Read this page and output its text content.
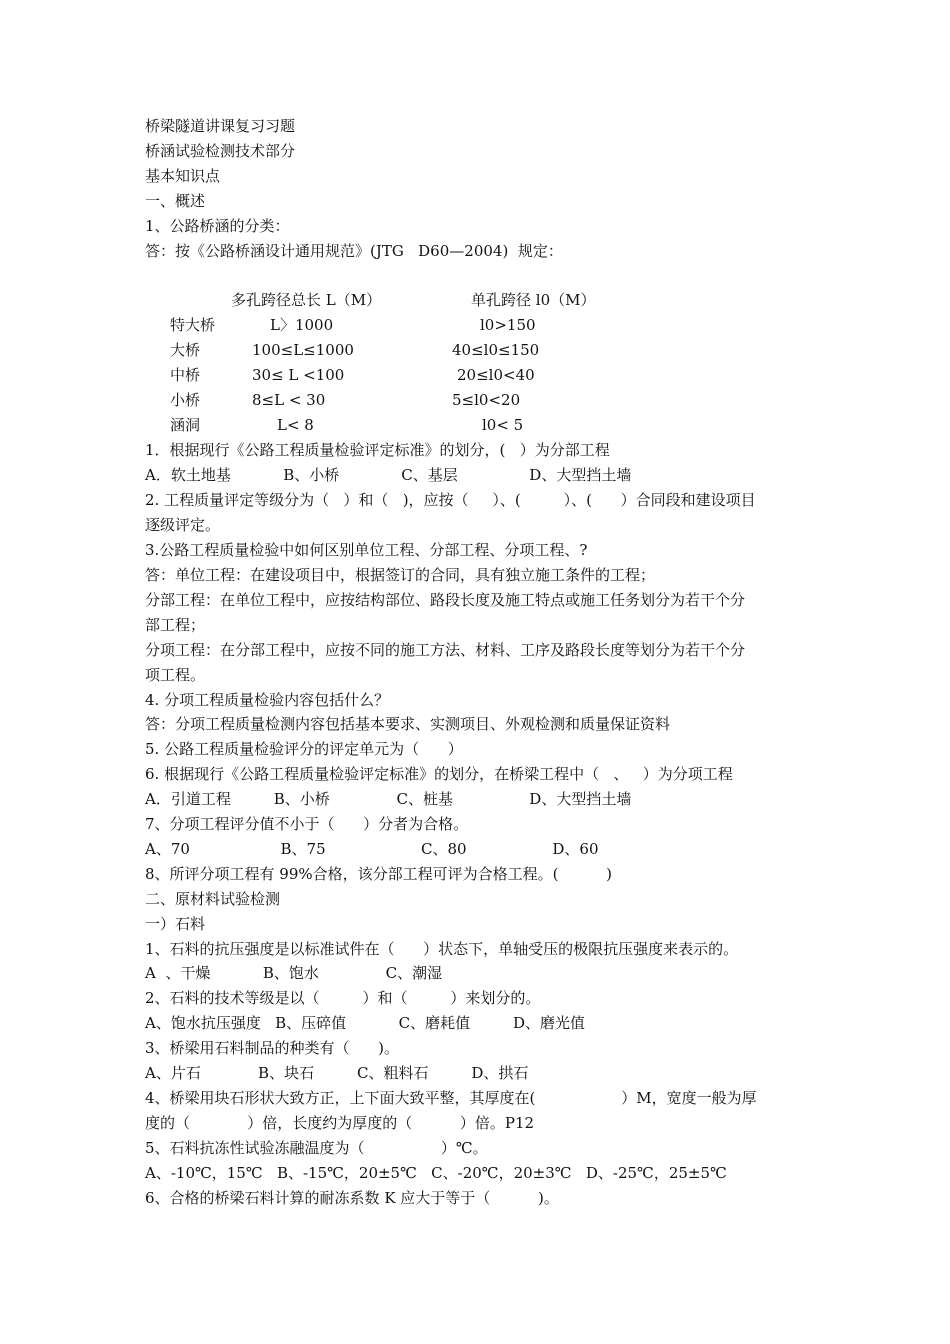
桥梁隧道讲课复习习题

桥涵试验检测技术部分

基本知识点

一、概述

1、公路桥涵的分类：

答：按《公路桥涵设计通用规范》(JTG   D60—2004)  规定：

多孔跨径总长 L（M）	单孔跨径 l0（M）
特大桥	L〉1000	l0>150
大桥	100≤L≤1000	40≤l0≤150
中桥	30≤ L <100	20≤l0<40
小桥	8≤L < 30	5≤l0<20
涵洞	L< 8	l0< 5

1．根据现行《公路工程质量检验评定标准》的划分，(   ）为分部工程

A．软土地基           B、小桥             C、基层               D、大型挡土墙

2. 工程质量评定等级分为（   ）和（   )，应按（     ）、(         ）、(      ）合同段和建设项目

逐级评定。

3.公路工程质量检验中如何区别单位工程、分部工程、分项工程、?

答：单位工程：在建设项目中，根据签订的合同，具有独立施工条件的工程；

分部工程：在单位工程中，应按结构部位、路段长度及施工特点或施工任务划分为若干个分

部工程；

分项工程：在分部工程中，应按不同的施工方法、材料、工序及路段长度等划分为若干个分

项工程。

4. 分项工程质量检验内容包括什么？

答：分项工程质量检测内容包括基本要求、实测项目、外观检测和质量保证资料

5. 公路工程质量检验评分的评定单元为（      ）

6. 根据现行《公路工程质量检验评定标准》的划分，在桥梁工程中（   、   ）为分项工程

A．引道工程         B、小桥              C、桩基                D、大型挡土墙

7、分项工程评分值不小于（      ）分者为合格。

A、70                   B、75                    C、80                  D、60

8、所评分项工程有 99%合格，该分部工程可评为合格工程。(          )

二、原材料试验检测

一）石料

1、石料的抗压强度是以标准试件在（      ）状态下，单轴受压的极限抗压强度来表示的。

A  、干燥           B、饱水              C、潮湿

2、石料的技术等级是以（         ）和（         ）来划分的。

A、饱水抗压强度   B、压碎值           C、磨耗值         D、磨光值

3、桥梁用石料制品的种类有（      )。

A、片石            B、块石         C、粗料石         D、拱石

4、桥梁用块石形状大致方正，上下面大致平整，其厚度在(                  ）M，宽度一般为厚

度的（            ）倍，长度约为厚度的（          ）倍。P12

5、石料抗冻性试验冻融温度为（                ）℃。

A、-10℃，15℃   B、-15℃，20±5℃   C、-20℃，20±3℃   D、-25℃，25±5℃

6、合格的桥梁石料计算的耐冻系数 K 应大于等于（          )。
